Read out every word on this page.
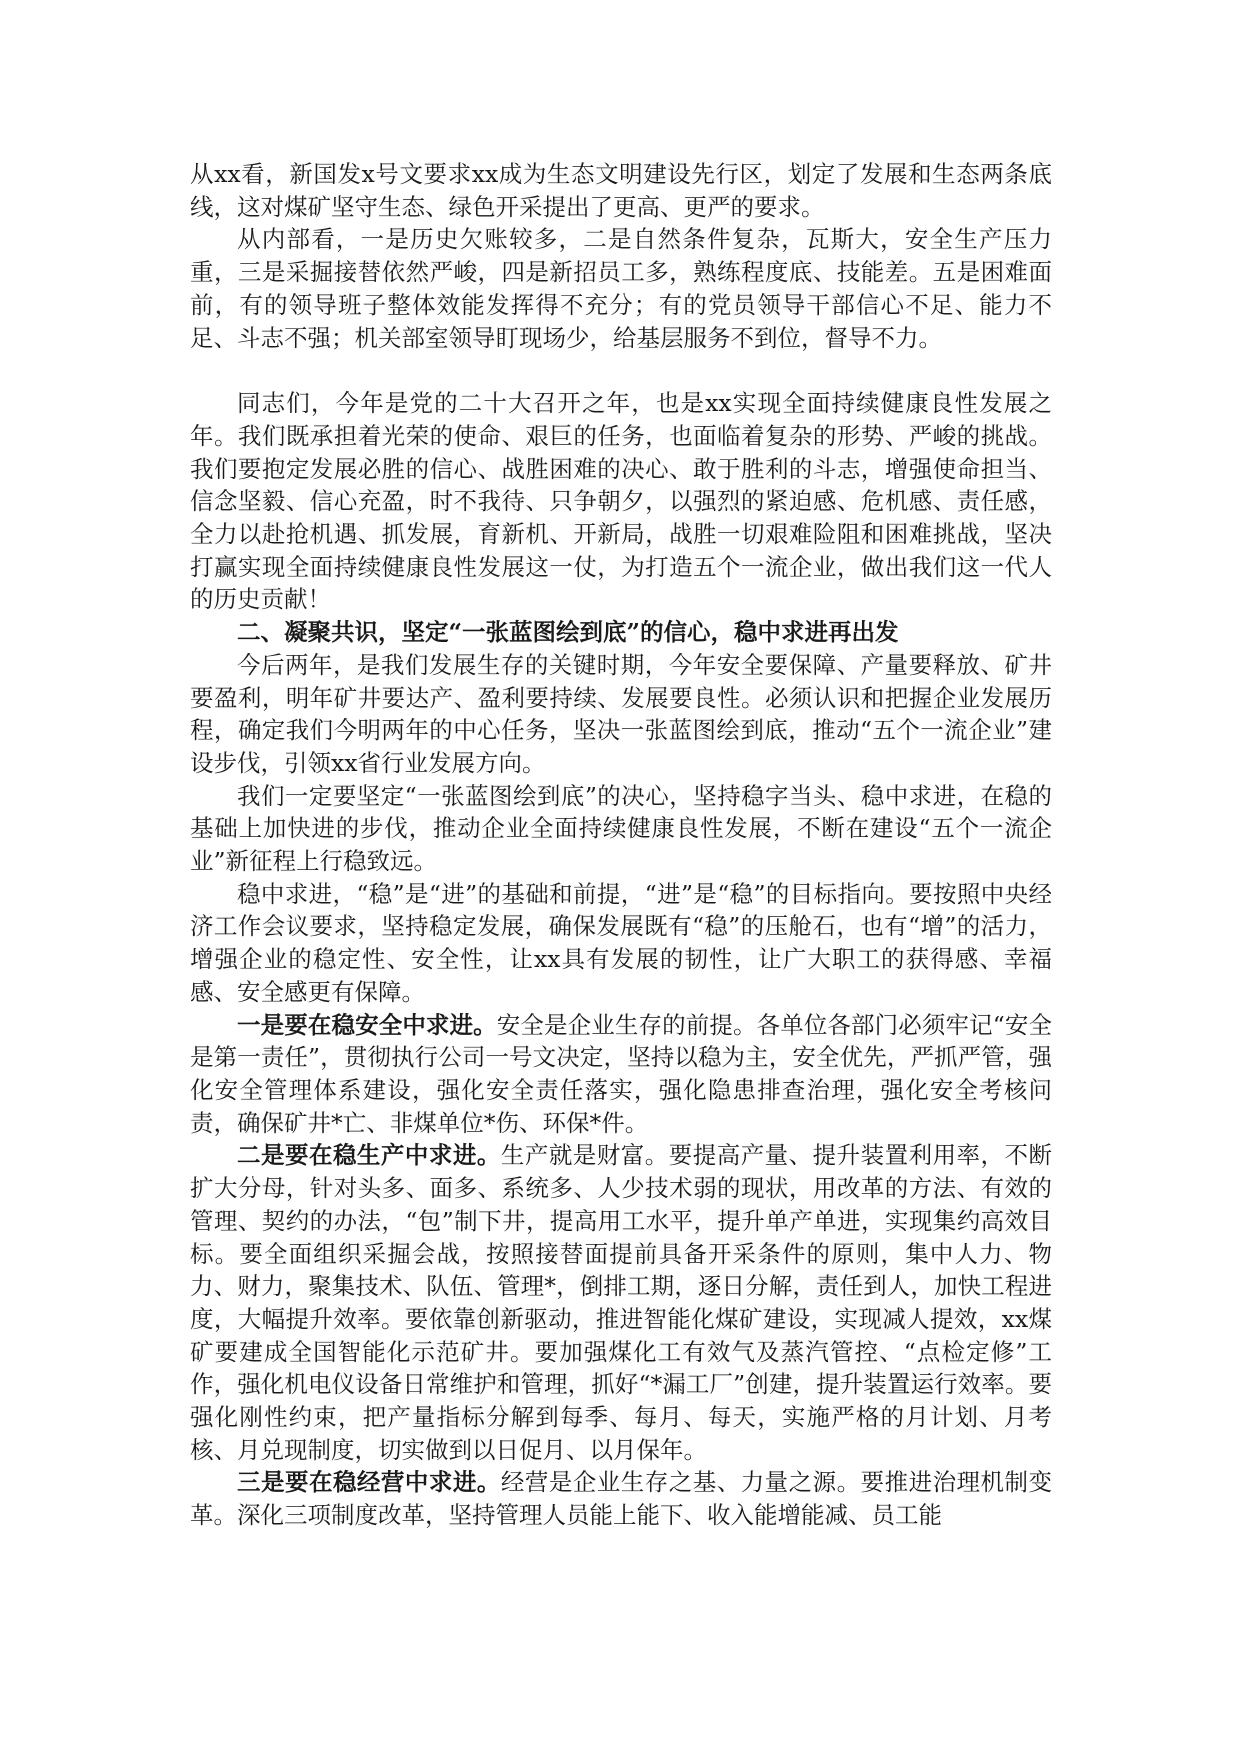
从xx看，新国发x号文要求xx成为生态文明建设先行区，划定了发展和生态两条底线，这对煤矿坚守生态、绿色开采提出了更高、更严的要求。

从内部看，一是历史欠账较多，二是自然条件复杂，瓦斯大，安全生产压力重，三是采掘接替依然严峻，四是新招员工多，熟练程度底、技能差。五是困难面前，有的领导班子整体效能发挥得不充分；有的党员领导干部信心不足、能力不足、斗志不强；机关部室领导盯现场少，给基层服务不到位，督导不力。

同志们，今年是党的二十大召开之年，也是xx实现全面持续健康良性发展之年。我们既承担着光荣的使命、艰巨的任务，也面临着复杂的形势、严峻的挑战。我们要抱定发展必胜的信心、战胜困难的决心、敢于胜利的斗志，增强使命担当、信念坚毅、信心充盈，时不我待、只争朝夕，以强烈的紧迫感、危机感、责任感，全力以赴抢机遇、抓发展，育新机、开新局，战胜一切艰难险阻和困难挑战，坚决打赢实现全面持续健康良性发展这一仗，为打造五个一流企业，做出我们这一代人的历史贡献！

二、凝聚共识，坚定“一张蓝图绘到底”的信心，稳中求进再出发

今后两年，是我们发展生存的关键时期，今年安全要保障、产量要释放、矿井要盈利，明年矿井要达产、盈利要持续、发展要良性。必须认识和把握企业发展历程，确定我们今明两年的中心任务，坚决一张蓝图绘到底，推动“五个一流企业”建设步伐，引领xx省行业发展方向。

我们一定要坚定“一张蓝图绘到底”的决心，坚持稳字当头、稳中求进，在稳的基础上加快进的步伐，推动企业全面持续健康良性发展，不断在建设“五个一流企业”新征程上行稳致远。

稳中求进，“稳”是“进”的基础和前提，“进”是“稳”的目标指向。要按照中央经济工作会议要求，坚持稳定发展，确保发展既有“稳”的压舱石，也有“增”的活力，增强企业的稳定性、安全性，让xx具有发展的韧性，让广大职工的获得感、幸福感、安全感更有保障。

一是要在稳安全中求进。安全是企业生存的前提。各单位各部门必须牢记“安全是第一责任”，贯彻执行公司一号文决定，坚持以稳为主，安全优先，严抓严管，强化安全管理体系建设，强化安全责任落实，强化隐患排查治理，强化安全考核问责，确保矿井*亡、非煤单位*伤、环保*件。

二是要在稳生产中求进。生产就是财富。要提高产量、提升装置利用率，不断扩大分母，针对头多、面多、系统多、人少技术弱的现状，用改革的方法、有效的管理、契约的办法，“包”制下井，提高用工水平，提升单产单进，实现集约高效目标。要全面组织采掘会战，按照接替面提前具备开采条件的原则，集中人力、物力、财力，聚集技术、队伍、管理*，倒排工期，逐日分解，责任到人，加快工程进度，大幅提升效率。要依靠创新驱动，推进智能化煤矿建设，实现减人提效，xx煤矿要建成全国智能化示范矿井。要加强煤化工有效气及蒸汽管控、“点检定修”工作，强化机电仪设备日常维护和管理，抓好“*漏工厂”创建，提升装置运行效率。要强化刚性约束，把产量指标分解到每季、每月、每天，实施严格的月计划、月考核、月兑现制度，切实做到以日促月、以月保年。

三是要在稳经营中求进。经营是企业生存之基、力量之源。要推进治理机制变革。深化三项制度改革，坚持管理人员能上能下、收入能增能减、员工能
